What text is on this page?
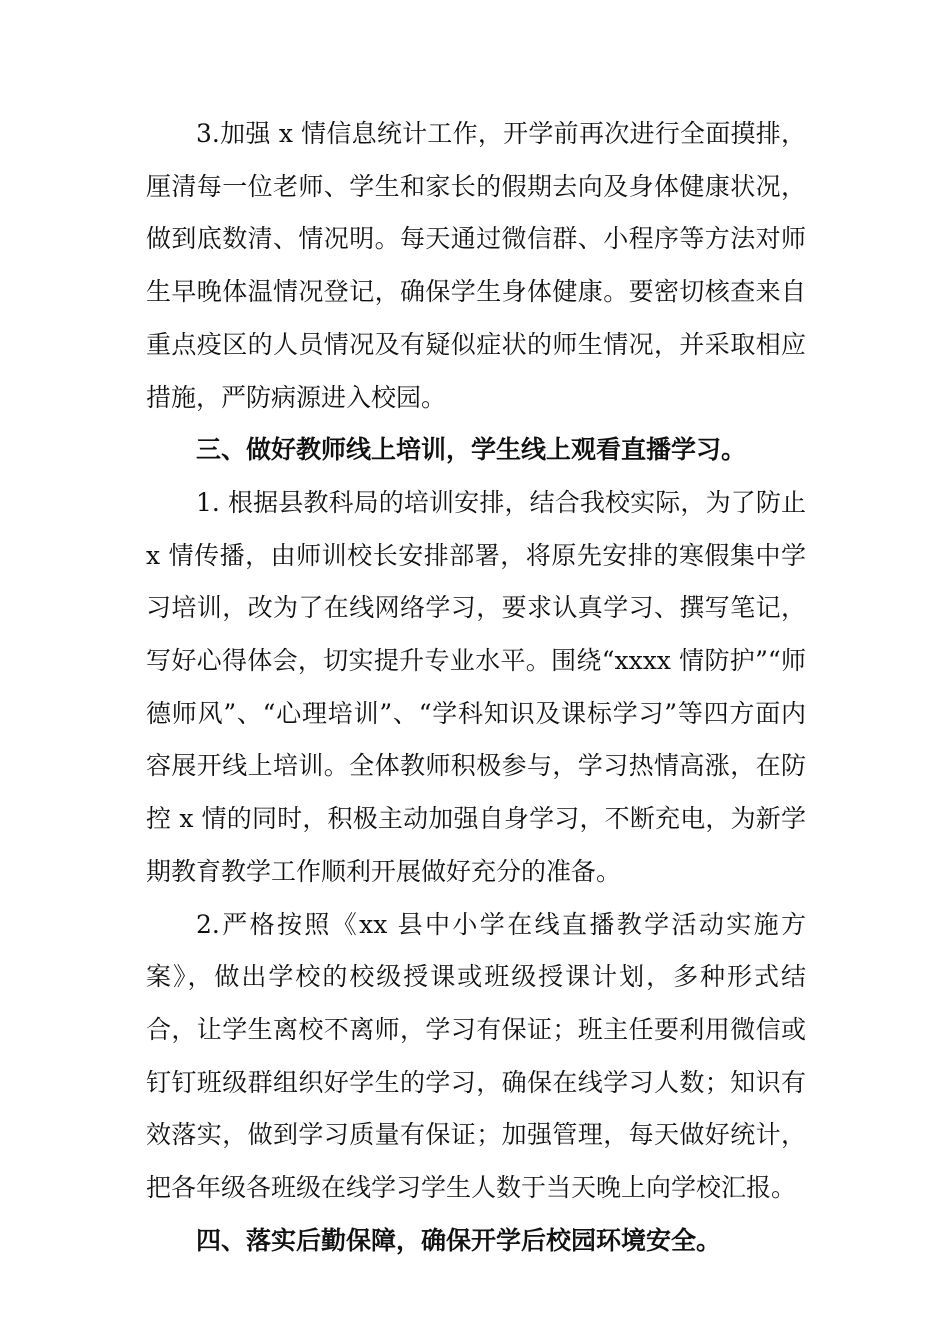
3.加强 x 情信息统计工作，开学前再次进行全面摸排，厘清每一位老师、学生和家长的假期去向及身体健康状况，做到底数清、情况明。每天通过微信群、小程序等方法对师生早晚体温情况登记，确保学生身体健康。要密切核查来自重点疫区的人员情况及有疑似症状的师生情况，并采取相应措施，严防病源进入校园。

三、做好教师线上培训，学生线上观看直播学习。

1. 根据县教科局的培训安排，结合我校实际，为了防止 x 情传播，由师训校长安排部署，将原先安排的寒假集中学习培训，改为了在线网络学习，要求认真学习、撰写笔记，写好心得体会，切实提升专业水平。围绕“xxxx 情防护”“师德师风”、“心理培训”、“学科知识及课标学习”等四方面内容展开线上培训。全体教师积极参与，学习热情高涨，在防控 x 情的同时，积极主动加强自身学习，不断充电，为新学期教育教学工作顺利开展做好充分的准备。

2.严格按照《xx 县中小学在线直播教学活动实施方案》，做出学校的校级授课或班级授课计划，多种形式结合，让学生离校不离师，学习有保证；班主任要利用微信或钉钉班级群组织好学生的学习，确保在线学习人数；知识有效落实，做到学习质量有保证；加强管理，每天做好统计，把各年级各班级在线学习学生人数于当天晚上向学校汇报。

四、落实后勤保障，确保开学后校园环境安全。
